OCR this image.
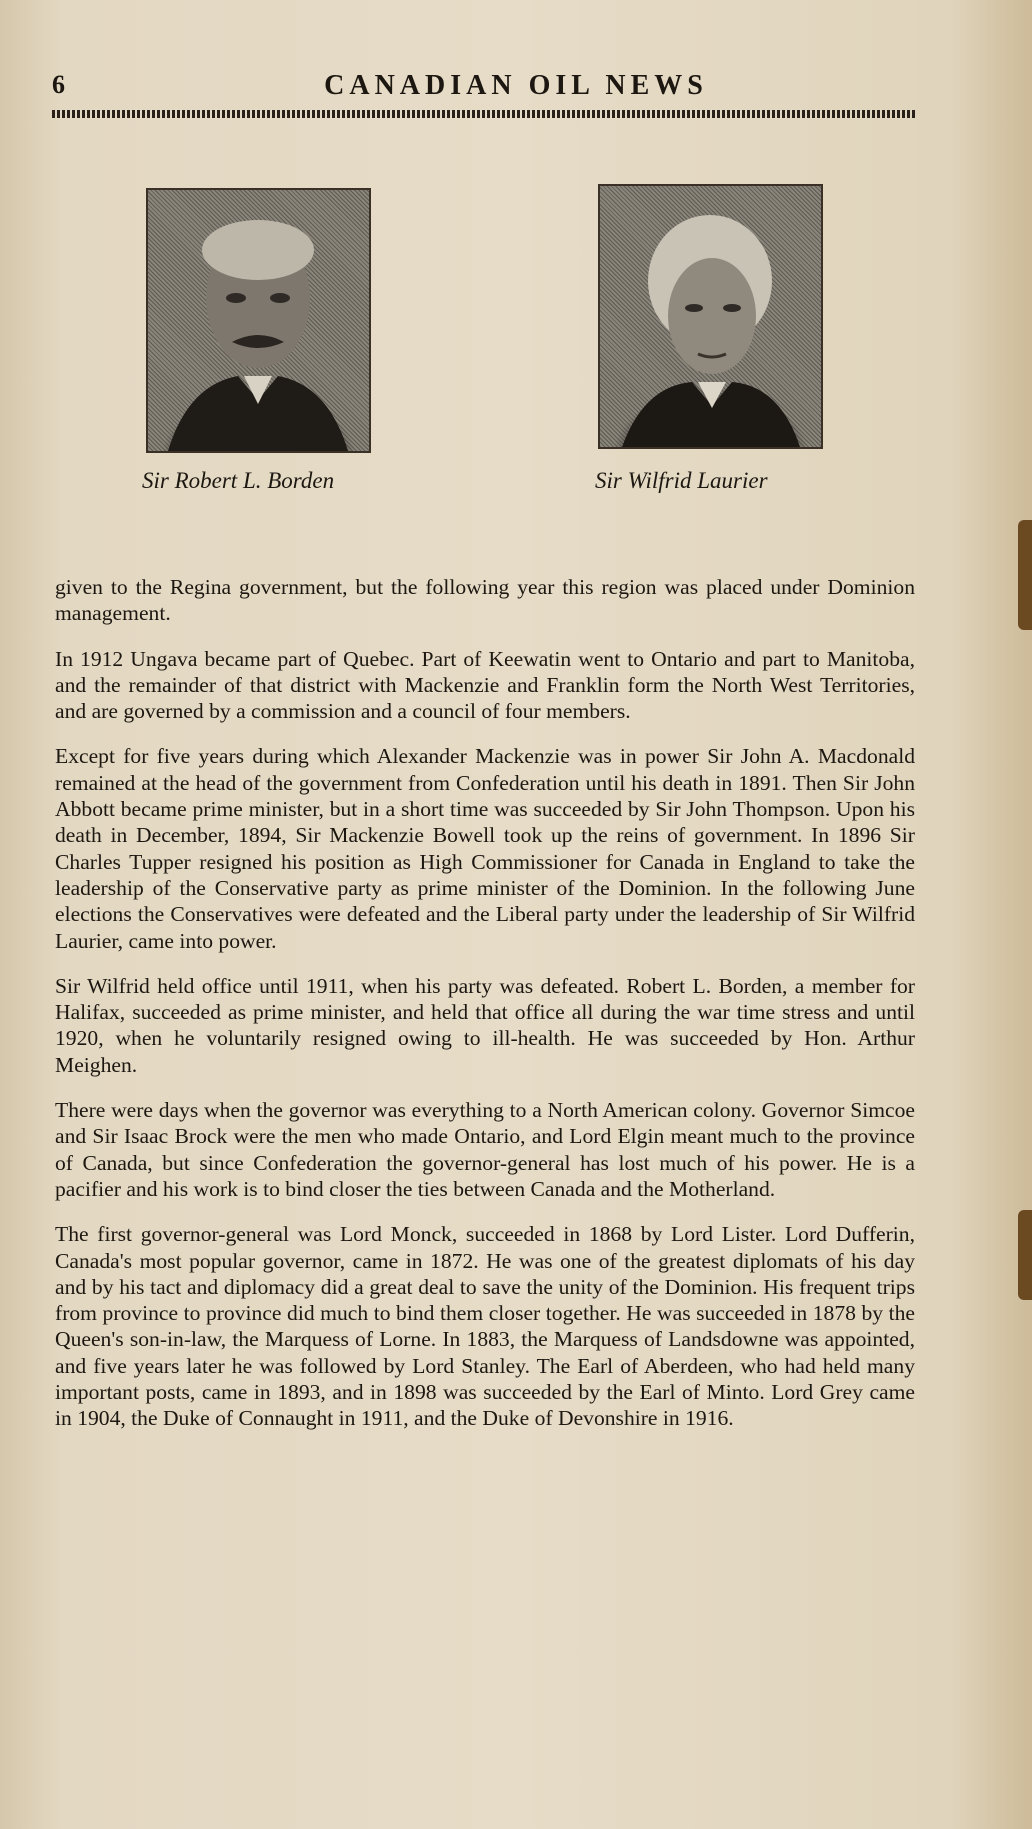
6	CANADIAN OIL NEWS
Sir Robert L. Borden	Sir Wilfrid Laurier

given to the Regina government, but the following year this region was placed under Dominion management.

In 1912 Ungava became part of Quebec. Part of Keewatin went to Ontario and part to Manitoba, and the remainder of that district with Mackenzie and Franklin form the North West Territories, and are governed by a commission and a council of four members.

Except for five years during which Alexander Mackenzie was in power Sir John A. Macdonald remained at the head of the government from Confederation until his death in 1891. Then Sir John Abbott became prime minister, but in a short time was succeeded by Sir John Thompson. Upon his death in December, 1894, Sir Mackenzie Bowell took up the reins of government. In 1896 Sir Charles Tupper resigned his position as High Commissioner for Canada in England to take the leadership of the Conservative party as prime minister of the Dominion. In the following June elections the Conservatives were defeated and the Liberal party under the leadership of Sir Wilfrid Laurier, came into power.

Sir Wilfrid held office until 1911, when his party was defeated. Robert L. Borden, a member for Halifax, succeeded as prime minister, and held that office all during the war time stress and until 1920, when he voluntarily resigned owing to ill-health. He was succeeded by Hon. Arthur Meighen.

There were days when the governor was everything to a North American colony. Governor Simcoe and Sir Isaac Brock were the men who made Ontario, and Lord Elgin meant much to the province of Canada, but since Confederation the governor-general has lost much of his power. He is a pacifier and his work is to bind closer the ties between Canada and the Motherland.

The first governor-general was Lord Monck, succeeded in 1868 by Lord Lister. Lord Dufferin, Canada's most popular governor, came in 1872. He was one of the greatest diplomats of his day and by his tact and diplomacy did a great deal to save the unity of the Dominion. His frequent trips from province to province did much to bind them closer together. He was succeeded in 1878 by the Queen's son-in-law, the Marquess of Lorne. In 1883, the Marquess of Landsdowne was appointed, and five years later he was followed by Lord Stanley. The Earl of Aberdeen, who had held many important posts, came in 1893, and in 1898 was succeeded by the Earl of Minto. Lord Grey came in 1904, the Duke of Connaught in 1911, and the Duke of Devonshire in 1916.
